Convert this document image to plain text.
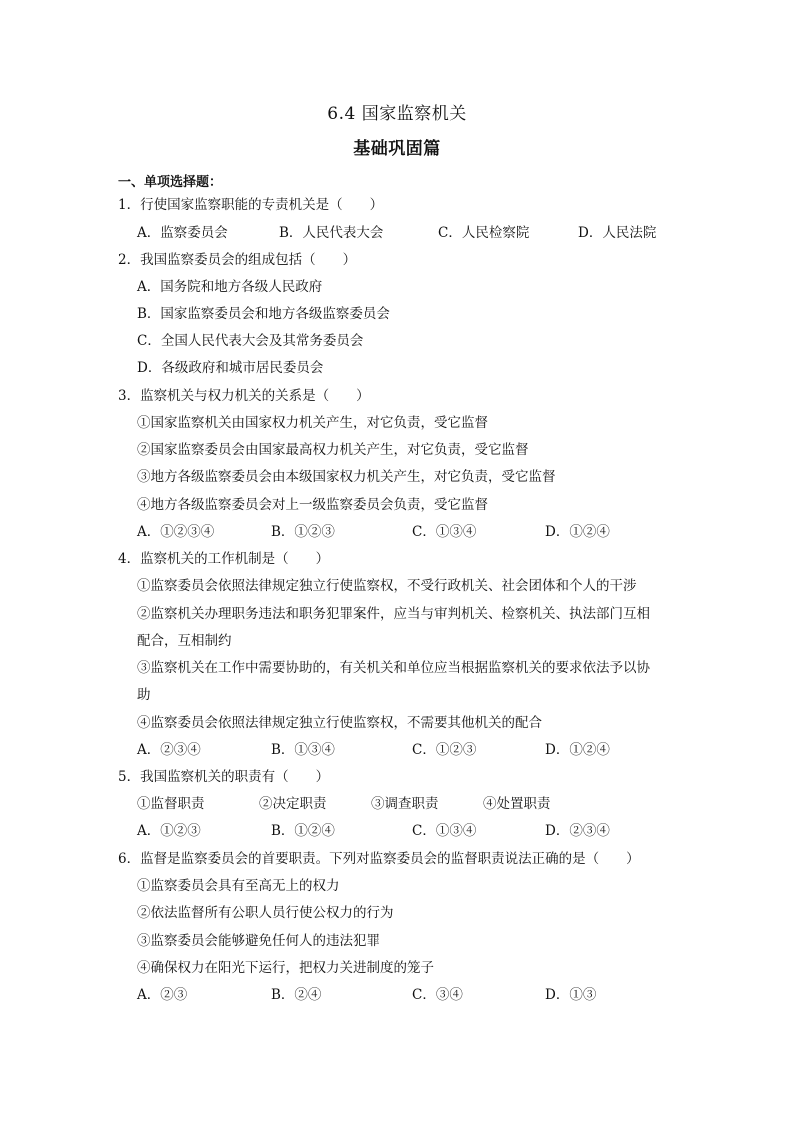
6.4 国家监察机关
基础巩固篇
一、单项选择题：
1．行使国家监察职能的专责机关是（　　）
A．监察委员会	B．人民代表大会	C．人民检察院	D．人民法院
2．我国监察委员会的组成包括（　　）
A．国务院和地方各级人民政府
B．国家监察委员会和地方各级监察委员会
C．全国人民代表大会及其常务委员会
D．各级政府和城市居民委员会
3．监察机关与权力机关的关系是（　　）
①国家监察机关由国家权力机关产生，对它负责，受它监督
②国家监察委员会由国家最高权力机关产生，对它负责，受它监督
③地方各级监察委员会由本级国家权力机关产生，对它负责，受它监督
④地方各级监察委员会对上一级监察委员会负责，受它监督
A．①②③④	B．①②③	C．①③④	D．①②④
4．监察机关的工作机制是（　　）
①监察委员会依照法律规定独立行使监察权，不受行政机关、社会团体和个人的干涉
②监察机关办理职务违法和职务犯罪案件，应当与审判机关、检察机关、执法部门互相
配合，互相制约
③监察机关在工作中需要协助的，有关机关和单位应当根据监察机关的要求依法予以协
助
④监察委员会依照法律规定独立行使监察权，不需要其他机关的配合
A．②③④	B．①③④	C．①②③	D．①②④
5．我国监察机关的职责有（　　）
①监督职责	②决定职责	③调查职责	④处置职责
A．①②③	B．①②④	C．①③④	D．②③④
6．监督是监察委员会的首要职责。下列对监察委员会的监督职责说法正确的是（　　）
①监察委员会具有至高无上的权力
②依法监督所有公职人员行使公权力的行为
③监察委员会能够避免任何人的违法犯罪
④确保权力在阳光下运行，把权力关进制度的笼子
A．②③	B．②④	C．③④	D．①③
